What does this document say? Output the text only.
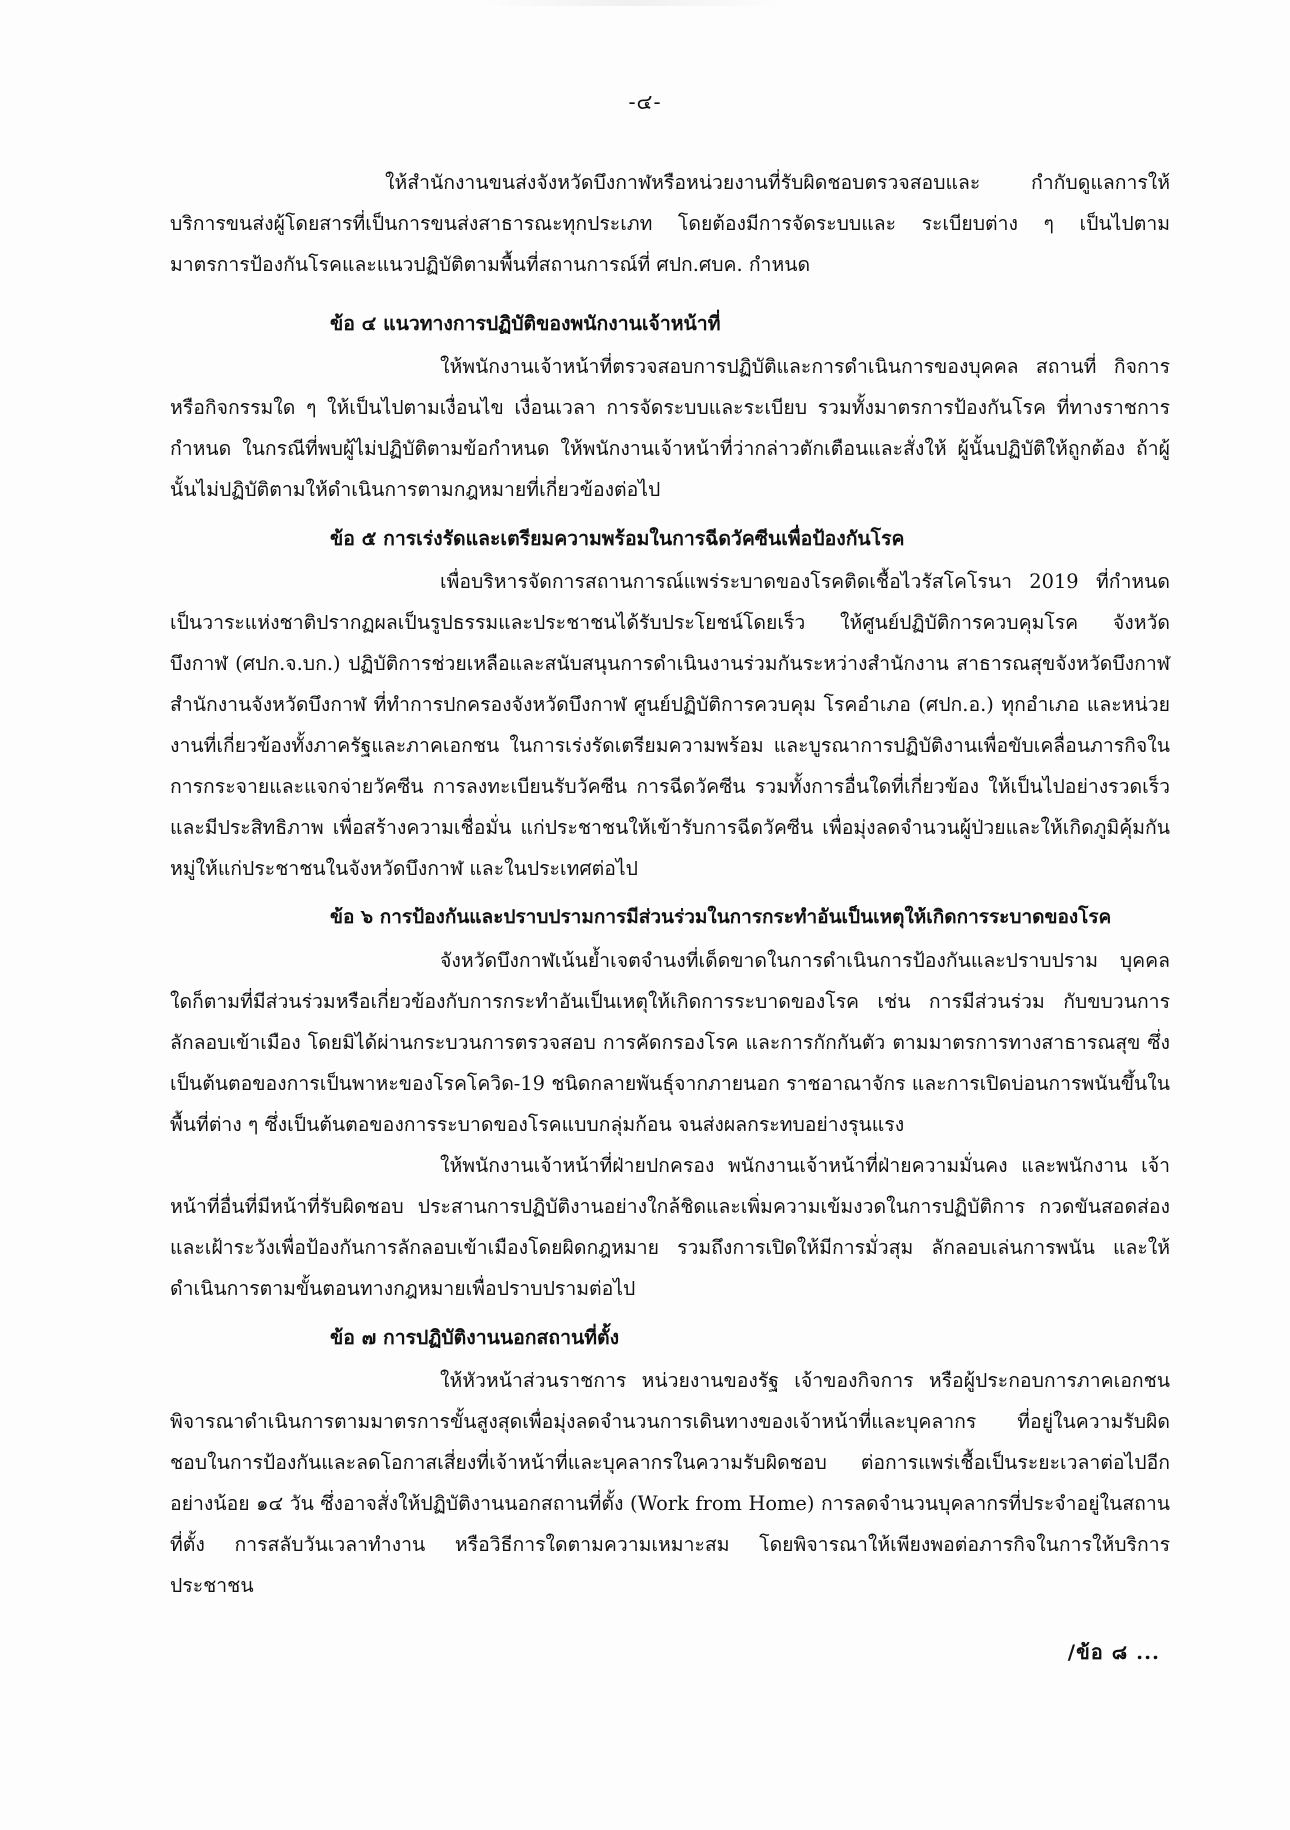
-๔-

ให้สำนักงานขนส่งจังหวัดบึงกาฬหรือหน่วยงานที่รับผิดชอบตรวจสอบและ	กำกับดูแลการให้บริการขนส่งผู้โดยสารที่เป็นการขนส่งสาธารณะทุกประเภท โดยต้องมีการจัดระบบและ ระเบียบต่าง ๆ เป็นไปตามมาตรการป้องกันโรคและแนวปฏิบัติตามพื้นที่สถานการณ์ที่ ศปก.ศบค. กำหนด

ข้อ ๔ แนวทางการปฏิบัติของพนักงานเจ้าหน้าที่

ให้พนักงานเจ้าหน้าที่ตรวจสอบการปฏิบัติและการดำเนินการของบุคคล สถานที่ กิจการหรือกิจกรรมใด ๆ ให้เป็นไปตามเงื่อนไข เงื่อนเวลา การจัดระบบและระเบียบ รวมทั้งมาตรการป้องกันโรค ที่ทางราชการกำหนด ในกรณีที่พบผู้ไม่ปฏิบัติตามข้อกำหนด ให้พนักงานเจ้าหน้าที่ว่ากล่าวตักเตือนและสั่งให้ ผู้นั้นปฏิบัติให้ถูกต้อง ถ้าผู้นั้นไม่ปฏิบัติตามให้ดำเนินการตามกฎหมายที่เกี่ยวข้องต่อไป

ข้อ ๕ การเร่งรัดและเตรียมความพร้อมในการฉีดวัคซีนเพื่อป้องกันโรค

เพื่อบริหารจัดการสถานการณ์แพร่ระบาดของโรคติดเชื้อไวรัสโคโรนา 2019 ที่กำหนด เป็นวาระแห่งชาติปรากฏผลเป็นรูปธรรมและประชาชนได้รับประโยชน์โดยเร็ว ให้ศูนย์ปฏิบัติการควบคุมโรค จังหวัดบึงกาฬ (ศปก.จ.บก.) ปฏิบัติการช่วยเหลือและสนับสนุนการดำเนินงานร่วมกันระหว่างสำนักงาน สาธารณสุขจังหวัดบึงกาฬ สำนักงานจังหวัดบึงกาฬ ที่ทำการปกครองจังหวัดบึงกาฬ ศูนย์ปฏิบัติการควบคุม โรคอำเภอ (ศปก.อ.) ทุกอำเภอ และหน่วยงานที่เกี่ยวข้องทั้งภาครัฐและภาคเอกชน ในการเร่งรัดเตรียมความพร้อม และบูรณาการปฏิบัติงานเพื่อขับเคลื่อนภารกิจในการกระจายและแจกจ่ายวัคซีน การลงทะเบียนรับวัคซีน การฉีดวัคซีน รวมทั้งการอื่นใดที่เกี่ยวข้อง ให้เป็นไปอย่างรวดเร็วและมีประสิทธิภาพ เพื่อสร้างความเชื่อมั่น แก่ประชาชนให้เข้ารับการฉีดวัคซีน เพื่อมุ่งลดจำนวนผู้ป่วยและให้เกิดภูมิคุ้มกันหมู่ให้แก่ประชาชนในจังหวัดบึงกาฬ และในประเทศต่อไป

ข้อ ๖ การป้องกันและปราบปรามการมีส่วนร่วมในการกระทำอันเป็นเหตุให้เกิดการระบาดของโรค

จังหวัดบึงกาฬเน้นย้ำเจตจำนงที่เด็ดขาดในการดำเนินการป้องกันและปราบปราม บุคคลใดก็ตามที่มีส่วนร่วมหรือเกี่ยวข้องกับการกระทำอันเป็นเหตุให้เกิดการระบาดของโรค เช่น การมีส่วนร่วม กับขบวนการลักลอบเข้าเมือง โดยมิได้ผ่านกระบวนการตรวจสอบ การคัดกรองโรค และการกักกันตัว ตามมาตรการทางสาธารณสุข ซึ่งเป็นต้นตอของการเป็นพาหะของโรคโควิด-19 ชนิดกลายพันธุ์จากภายนอก ราชอาณาจักร และการเปิดบ่อนการพนันขึ้นในพื้นที่ต่าง ๆ ซึ่งเป็นต้นตอของการระบาดของโรคแบบกลุ่มก้อน จนส่งผลกระทบอย่างรุนแรง

ให้พนักงานเจ้าหน้าที่ฝ่ายปกครอง พนักงานเจ้าหน้าที่ฝ่ายความมั่นคง และพนักงาน เจ้าหน้าที่อื่นที่มีหน้าที่รับผิดชอบ ประสานการปฏิบัติงานอย่างใกล้ชิดและเพิ่มความเข้มงวดในการปฏิบัติการ กวดขันสอดส่องและเฝ้าระวังเพื่อป้องกันการลักลอบเข้าเมืองโดยผิดกฎหมาย รวมถึงการเปิดให้มีการมั่วสุม ลักลอบเล่นการพนัน และให้ดำเนินการตามขั้นตอนทางกฎหมายเพื่อปราบปรามต่อไป

ข้อ ๗ การปฏิบัติงานนอกสถานที่ตั้ง

ให้หัวหน้าส่วนราชการ หน่วยงานของรัฐ เจ้าของกิจการ หรือผู้ประกอบการภาคเอกชน พิจารณาดำเนินการตามมาตรการขั้นสูงสุดเพื่อมุ่งลดจำนวนการเดินทางของเจ้าหน้าที่และบุคลากร ที่อยู่ในความรับผิดชอบในการป้องกันและลดโอกาสเสี่ยงที่เจ้าหน้าที่และบุคลากรในความรับผิดชอบ ต่อการแพร่เชื้อเป็นระยะเวลาต่อไปอีกอย่างน้อย ๑๔ วัน ซึ่งอาจสั่งให้ปฏิบัติงานนอกสถานที่ตั้ง (Work from Home) การลดจำนวนบุคลากรที่ประจำอยู่ในสถานที่ตั้ง การสลับวันเวลาทำงาน หรือวิธีการใดตามความเหมาะสม โดยพิจารณาให้เพียงพอต่อภารกิจในการให้บริการประชาชน

/ข้อ ๘ ...
